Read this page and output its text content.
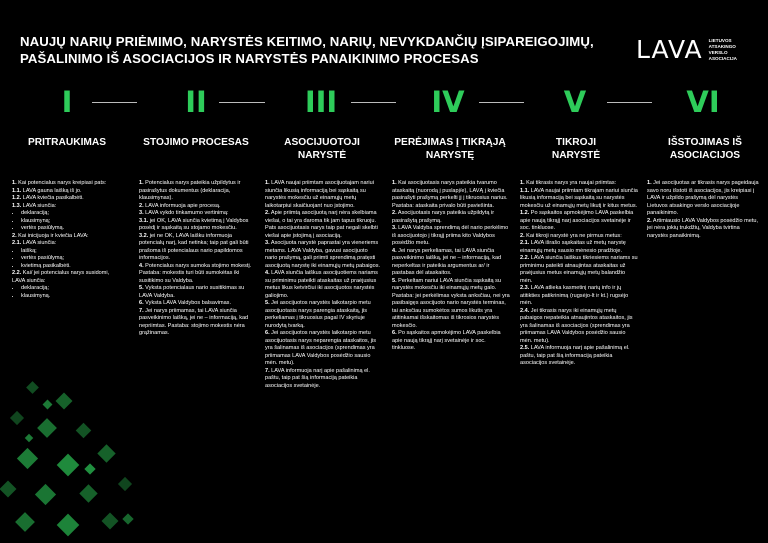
NAUJŲ NARIŲ PRIĖMIMO, NARYSTĖS KEITIMO, NARIŲ, NEVYKDANČIŲ ĮSIPAREIGOJIMŲ,
PAŠALINIMO IŠ ASOCIACIJOS IR NARYSTĖS PANAIKINIMO PROCESAS	LAVA LIETUVOS
ATSAKINGO
VERSLO
ASOCIACIJA
I	II	III	IV	V	VI
PRITRAUKIMAS	STOJIMO PROCESAS	ASOCIJUOTOJI NARYSTĖ
PERĖJIMAS Į TIKRĄJĄ NARYSTĘ
TIKROJI NARYSTĖ
IŠSTOJIMAS IŠ ASOCIACIJOS

1. Kai potencialus narys kreipiasi pats:

1.1. LAVA gauna laišką iš jo.

1.2. LAVA kviečia pasikalbėti.

1.3. LAVA siunčia:

• deklaraciją;
• klausimyną;
• vertės pasiūlymą.

2. Kai inicijuoja ir kviečia LAVA:

2.1. LAVA siunčia:

• laišką;
• vertės pasiūlymą;
• kvietimą pasikalbėti.

2.2. Kai/ jei potencialus narys susidomi, LAVA siunčia:

• deklaraciją;
• klausimyną.

1. Potencialus narys pateikia užpildytus ir pasirašytus dokumentus (deklaracija, klausimynas).

2. LAVA informuoja apie procesą.

3. LAVA vykdo tinkamumo vertinimą:

3.1. jei OK, LAVA siunčia kvietimą į Valdybos posėdį ir sąskaitą su stojamo mokesčiu.

3.2. jei ne OK, LAVA laišku informuoja potencialų narį, kad netinka; taip pat gali būti prašoma iš potencialaus nario papildomos informacijos.

4. Potencialus narys sumoka stojimo mokestį. Pastaba: mokestis turi būti sumokėtas iki susitikimo su Valdyba.

5. Vyksta potencialaus nario susitikimas su LAVA Valdyba.

6. Vyksta LAVA Valdybos balsavimas.

7. Jei narys priimamas, tai LAVA siunčia pasveikinimo laišką, jei ne – informaciją, kad nepriimtas. Pastaba: stojimo mokestis nėra grąžinamas.

1. LAVA naujai priimtam asocijuotajam nariui siunčia likusią informaciją bei sąskaitą su narystės mokesčiu už einamųjų metų laikotarpiui skaičiuojant nuo įstojimo.

2. Apie priimtą asocijuotą narį nėra skelbiama viešai, o tai yra daroma tik jam tapus tikruoju. Pats asocijuotasis narys taip pat negali skelbti viešai apie įstojimą į asociaciją.

3. Asocijuota narystė paprastai yra vieneriems metams. LAVA Valdyba, gavusi asocijuoto nario prašymą, gali priimti sprendimą pratęsti asocijuotą narystę iki einamųjų metų pabaigos.

4. LAVA siunčia laiškus asocijuotiems nariams su priminimu pateikti ataskaitas už praėjusius metus likus ketvirčiui iki asocijuotos narystės galiojimo.

5. Jei asocijuotos narystės laikotarpio metu asocijuotasis narys parengia ataskaitą, jis perkeliamas į tikruosius pagal IV skyriuje nurodytą tvarką.

6. Jei asocijuotos narystės laikotarpio metu asocijuotasis narys neparengia ataskaitos, jis yra šalinamas iš asociacijos (sprendimas yra priimamas LAVA Valdybos posėdžio sausio mėn. metu).

7. LAVA informuoja narį apie pašalinimą el. paštu, taip pat šią informaciją pateikia asociacijos svetainėje.

1. Kai asocijuotasis narys pateikia tvarumo ataskaitą (nuorodą į puslapį/e), LAVĄ į kviečia pasirašyti prašymą perkelti jį į tikruosius narius. Pastaba: ataskaita privalo būti paviešinta.

2. Asocijuotasis narys pateikia užpildytą ir pasirašytą prašymą.

3. LAVA Valdyba sprendimą dėl nario perkėlimo iš asocijuotojo į tikrąjį priima kito Valdybos posėdžio metu.

4. Jei narys perkeliamas, tai LAVA siunčia pasveikinimo laišką, jei ne – informaciją, kad neperkeltas ir pateikia argumentus ar/ ir pastabas dėl ataskaitos.

5. Perkeltam nariui LAVA siunčia sąskaitą su narystės mokesčiu iki einamųjų metų galo. Pastaba: jei perkėlimas vyksta anksčiau, nei yra pasibaigęs asocijuoto nario narystės terminas, tai anksčiau sumokėtos sumos likutis yra atitinkamai išskaitomas iš tikrosios narystės mokesčio.

6. Po sąskaitos apmokėjimo LAVA paskelbia apie naują tikrąjį narį svetainėje ir soc. tinkluose.

1. Kai tikrasis narys yra naujai priimtas:

1.1. LAVA naujai priimtam tikrajam nariui siunčia likusią informaciją bei sąskaitą su narystės mokesčiu už einamųjų metų likutį ir kitus metus.

1.2. Po sąskaitos apmokėjimo LAVA paskelbia apie naują tikrąjį narį asociacijos svetainėje ir soc. tinkluose.

2. Kai tikroji narystė yra ne pirmus metus:

2.1. LAVA išrašo sąskaitas už metų narystę einamųjų metų sausio mėnesio pradžioje.

2.2. LAVA siunčia laiškus tikriesiems nariams su priminimu pateikti atnaujintas ataskaitas už praėjusius metus einamųjų metų balandžio mėn.

2.3. LAVA atlieka kasmetinį narių info ir jų atitikties patikrinimą (rugsėjo-lt ir kt.) rugsėjo mėn.

2.4. Jei tikrasis narys iki einamųjų metų pabaigos nepateikia atnaujintos ataskaitos, jis yra šalinamas iš asociacijos (sprendimas yra priimamas LAVA Valdybos posėdžio sausio mėn. metu).

2.5. LAVA informuoja narį apie pašalinimą el. paštu, taip pat šią informaciją pateikia asociacijos svetainėje.

1. Jei asocijuotas ar tikrasis narys pageidauja savo noru išstoti iš asociacijos, jis kreipiasi į LAVA ir užpildo prašymą dėl narystės Lietuvos atsakingo verslo asociacijoje panaikinimo.

2. Artimiausio LAVA Valdybos posėdžio metu, jei nėra jokių trukdžių, Valdyba tvirtina narystės panaikinimą.
